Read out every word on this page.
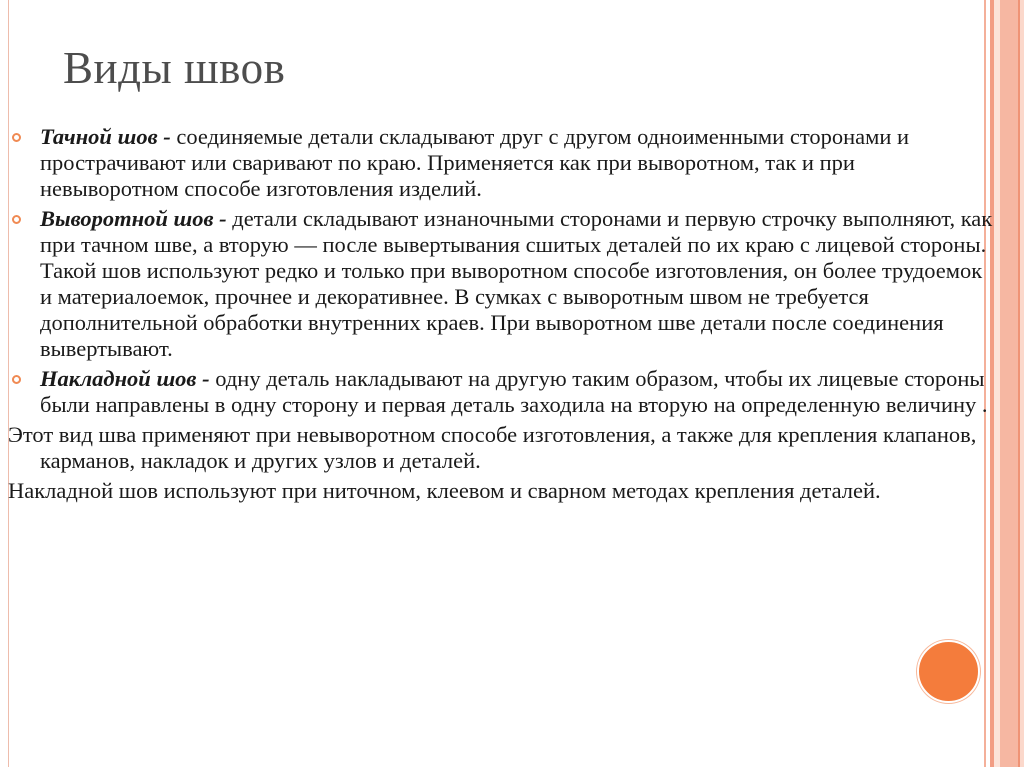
Виды швов
Тачной шов - соединяемые детали складывают друг с другом одноименными сторонами и прострачивают или сваривают по краю. Применяется как при выворотном, так и при невыворотном способе изготовления изделий.
Выворотной шов - детали складывают изнаночными сторонами и первую строчку выполняют, как при тачном шве, а вторую — после вывертывания сшитых деталей по их краю с лицевой стороны. Такой шов используют редко и только при выворотном способе изготовления, он более трудоемок и материалоемок, прочнее и декоративнее. В сумках с выворотным швом не требуется дополнительной обработки внутренних краев. При выворотном шве детали после соединения вывертывают.
Накладной шов - одну деталь накладывают на другую таким образом, чтобы их лицевые стороны были направлены в одну сторону и первая деталь заходила на вторую на определенную величину .

Этот вид шва применяют при невыворотном способе изготовления, а также для крепления клапанов, карманов, накладок и других узлов и деталей.

Накладной шов используют при ниточном, клеевом и сварном методах крепления деталей.
